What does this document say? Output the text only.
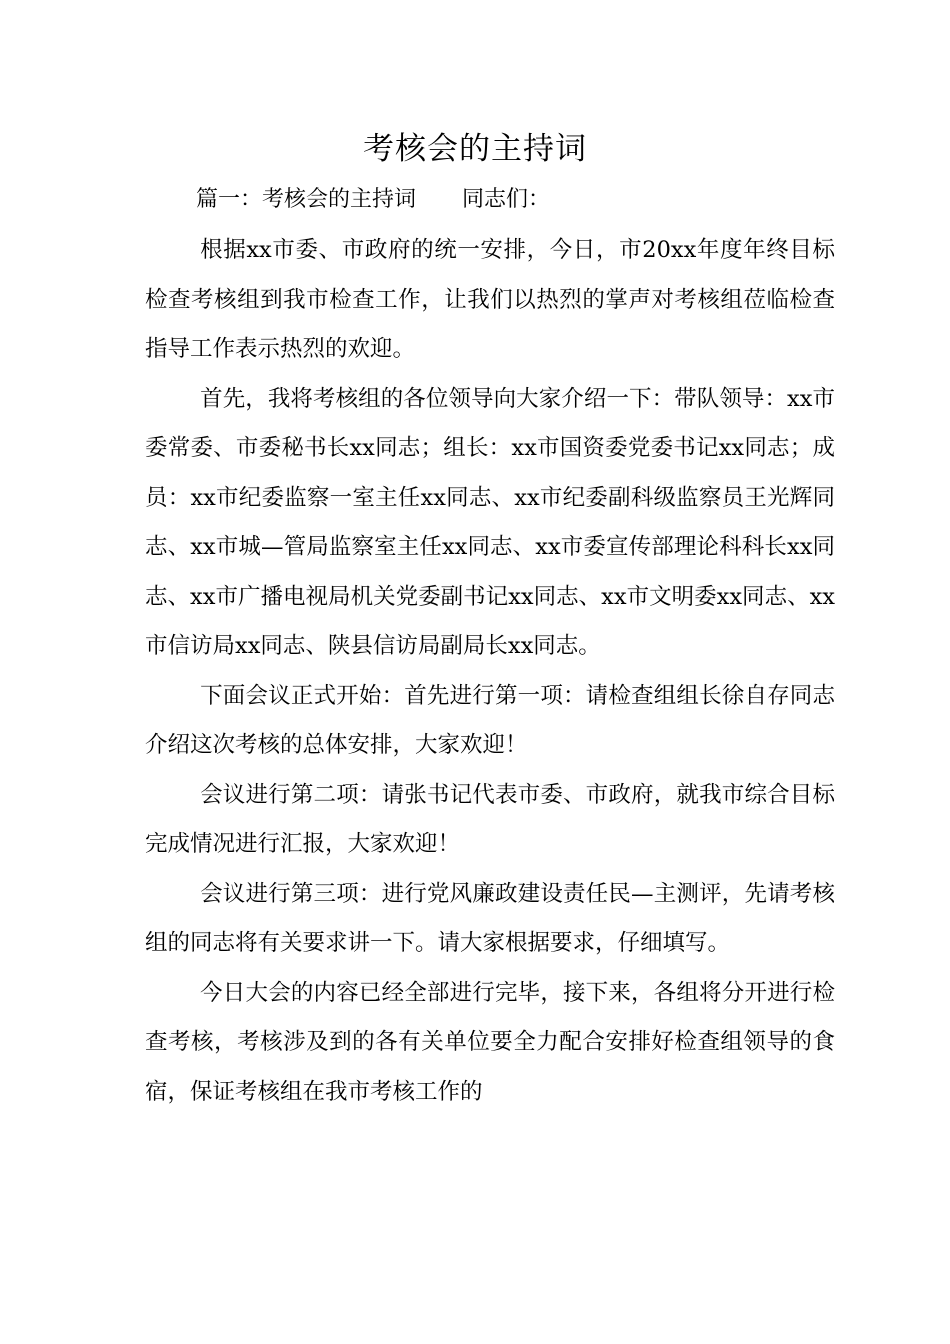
考核会的主持词

篇一：考核会的主持词 同志们：

根据xx市委、市政府的统一安排，今日，市20xx年度年终目标检查考核组到我市检查工作，让我们以热烈的掌声对考核组莅临检查指导工作表示热烈的欢迎。

首先，我将考核组的各位领导向大家介绍一下：带队领导：xx市委常委、市委秘书长xx同志；组长：xx市国资委党委书记xx同志；成员：xx市纪委监察一室主任xx同志、xx市纪委副科级监察员王光辉同志、xx市城—管局监察室主任xx同志、xx市委宣传部理论科科长xx同志、xx市广播电视局机关党委副书记xx同志、xx市文明委xx同志、xx市信访局xx同志、陕县信访局副局长xx同志。

下面会议正式开始：首先进行第一项：请检查组组长徐自存同志介绍这次考核的总体安排，大家欢迎！

会议进行第二项：请张书记代表市委、市政府，就我市综合目标完成情况进行汇报，大家欢迎！

会议进行第三项：进行党风廉政建设责任民—主测评，先请考核组的同志将有关要求讲一下。请大家根据要求，仔细填写。

今日大会的内容已经全部进行完毕，接下来，各组将分开进行检查考核，考核涉及到的各有关单位要全力配合安排好检查组领导的食宿，保证考核组在我市考核工作的
